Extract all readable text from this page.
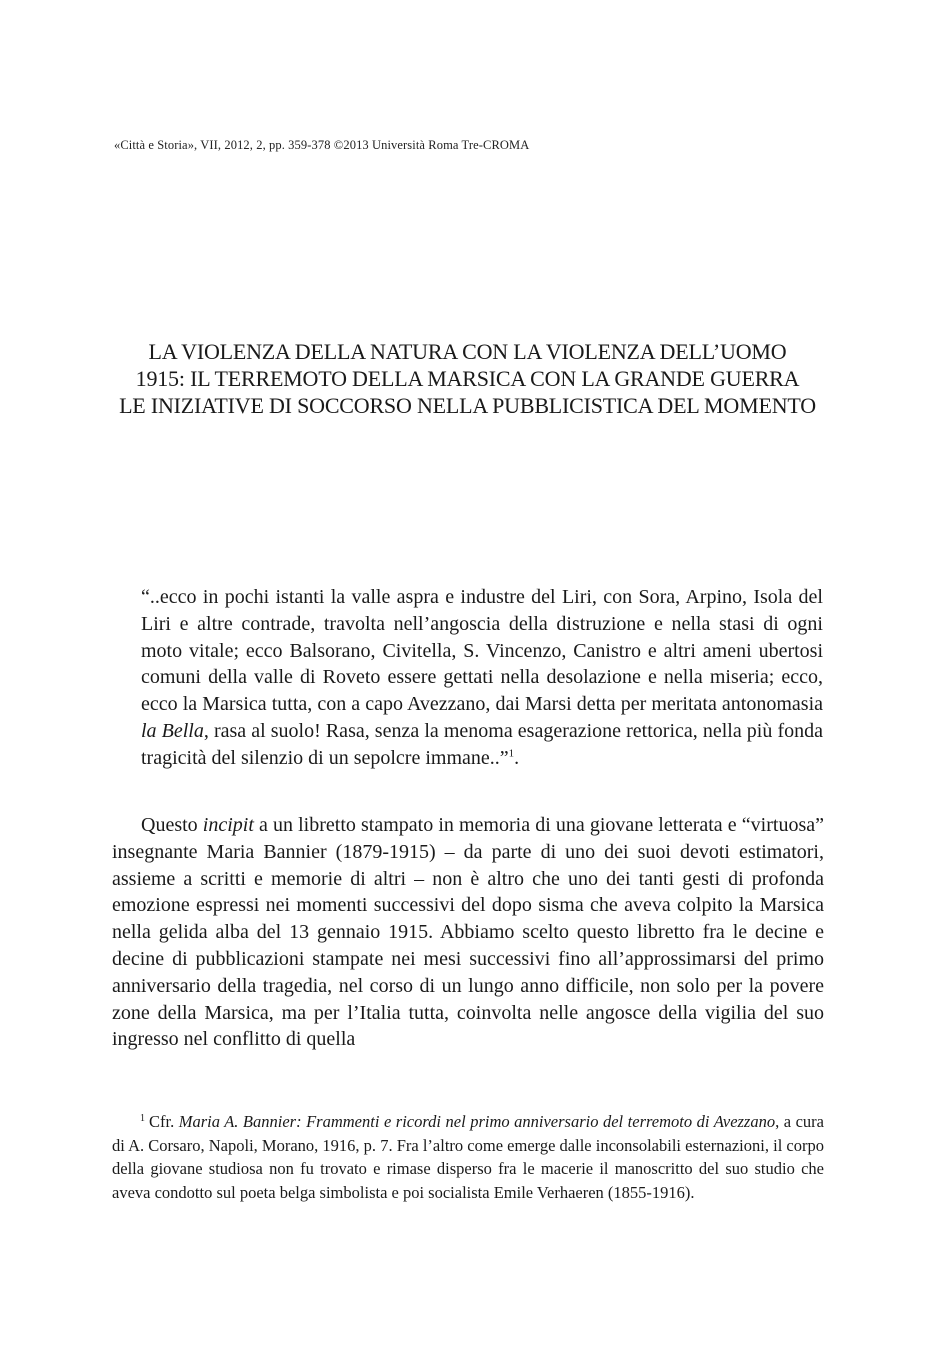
«Città e Storia», VII, 2012, 2, pp. 359-378 ©2013 Università Roma Tre-CROMA
LA VIOLENZA DELLA NATURA CON LA VIOLENZA DELL’UOMO
1915: IL TERREMOTO DELLA MARSICA CON LA GRANDE GUERRA
LE INIZIATIVE DI SOCCORSO NELLA PUBBLICISTICA DEL MOMENTO
“..ecco in pochi istanti la valle aspra e industre del Liri, con Sora, Arpino, Isola del Liri e altre contrade, travolta nell’angoscia della distruzione e nella stasi di ogni moto vitale; ecco Balsorano, Civitella, S. Vincenzo, Canistro e altri ameni ubertosi comuni della valle di Roveto essere gettati nella desolazione e nella miseria; ecco, ecco la Marsica tutta, con a capo Avezzano, dai Marsi detta per meritata antonomasia la Bella, rasa al suolo! Rasa, senza la menoma esagerazione rettorica, nella più fonda tragicità del silenzio di un sepolcre immane..”$^1$.
Questo incipit a un libretto stampato in memoria di una giovane letterata e “virtuosa” insegnante Maria Bannier (1879-1915) – da parte di uno dei suoi devoti estimatori, assieme a scritti e memorie di altri – non è altro che uno dei tanti gesti di profonda emozione espressi nei momenti successivi del dopo sisma che aveva colpito la Marsica nella gelida alba del 13 gennaio 1915. Abbiamo scelto questo libretto fra le decine e decine di pubblicazioni stampate nei mesi successivi fino all’approssimarsi del primo anniversario della tragedia, nel corso di un lungo anno difficile, non solo per la povere zone della Marsica, ma per l’Italia tutta, coinvolta nelle angosce della vigilia del suo ingresso nel conflitto di quella
$^1$ Cfr. Maria A. Bannier: Frammenti e ricordi nel primo anniversario del terremoto di Avezzano, a cura di A. Corsaro, Napoli, Morano, 1916, p. 7. Fra l’altro come emerge dalle inconsolabili esternazioni, il corpo della giovane studiosa non fu trovato e rimase disperso fra le macerie il manoscritto del suo studio che aveva condotto sul poeta belga simbolista e poi socialista Emile Verhaeren (1855-1916).
